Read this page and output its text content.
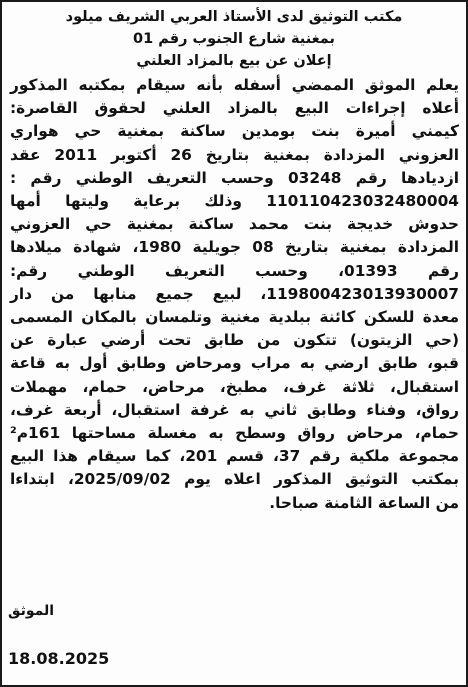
مكتب التوثيق لدى الأستاذ العربي الشريف ميلود
بمغنية شارع الجنوب رقم 01
إعلان عن بيع بالمزاد العلني
يعلم الموثق الممضي أسفله بأنه سيقام بمكتبه المذكور
أعلاه إجراءات البيع بالمزاد العلني لحقوق القاصرة:
كيمني أميرة بنت بومدين ساكنة بمغنية حي هواري
العزوني المزدادة بمغنية بتاريخ 26 أكتوبر 2011 عقد
ازديادها رقم 03248 وحسب التعريف الوطني رقم :
110110423032480004 وذلك برعاية وليتها أمها
حدوش خديجة بنت محمد ساكنة بمغنية حي العزوني
المزدادة بمغنية بتاريخ 08 جويلية 1980، شهادة ميلادها
رقم 01393، وحسب التعريف الوطني رقم:
119800423013930007، لبيع جميع منابها من دار
معدة للسكن كائنة ببلدية مغنية وتلمسان بالمكان المسمى
(حي الزيتون) تتكون من طابق تحت أرضي عبارة عن
قبو، طابق ارضي به مراب ومرحاض وطابق أول به قاعة
استقبال، ثلاثة غرف، مطبخ، مرحاض، حمام، مهملات
رواق، وفناء وطابق ثاني به غرفة استقبال، أربعة غرف،
حمام، مرحاض رواق وسطح به مغسلة مساحتها 161م²
مجموعة ملكية رقم 37، قسم 201، كما سيقام هذا البيع
بمكتب التوثيق المذكور اعلاه يوم 2025/09/02، ابتداءا
من الساعة الثامنة صباحا.
الموثق
18.08.2025
